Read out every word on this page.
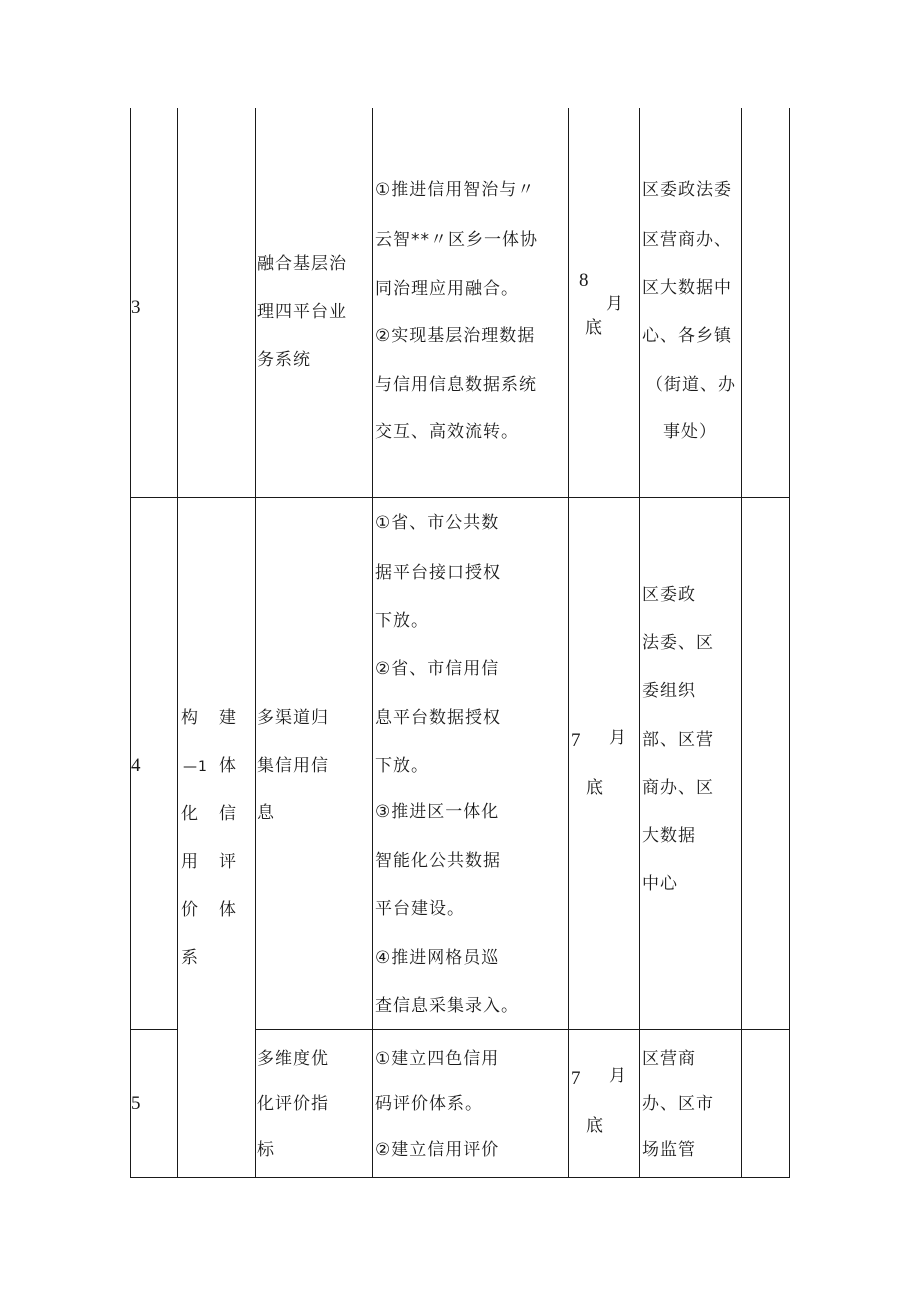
3
融合基层治
理四平台业
务系统
①推进信用智治与〃
云智**〃区乡一体协
同治理应用融合。
②实现基层治理数据
与信用信息数据系统
交互、高效流转。
8
月
底
区委政法委
区营商办、
区大数据中
心、各乡镇
（街道、办
事处）
4
构
—1
化
用
价
系
建
体
信
评
体
多渠道归
集信用信
息
①省、市公共数
据平台接口授权
下放。
②省、市信用信
息平台数据授权
下放。
③推进区一体化
智能化公共数据
平台建设。
④推进网格员巡
查信息采集录入。
7 月
底
区委政
法委、区
委组织
部、区营
商办、区
大数据
中心
5
多维度优
化评价指
标
①建立四色信用
码评价体系。
②建立信用评价
7 月
底
区营商
办、区市
场监管
